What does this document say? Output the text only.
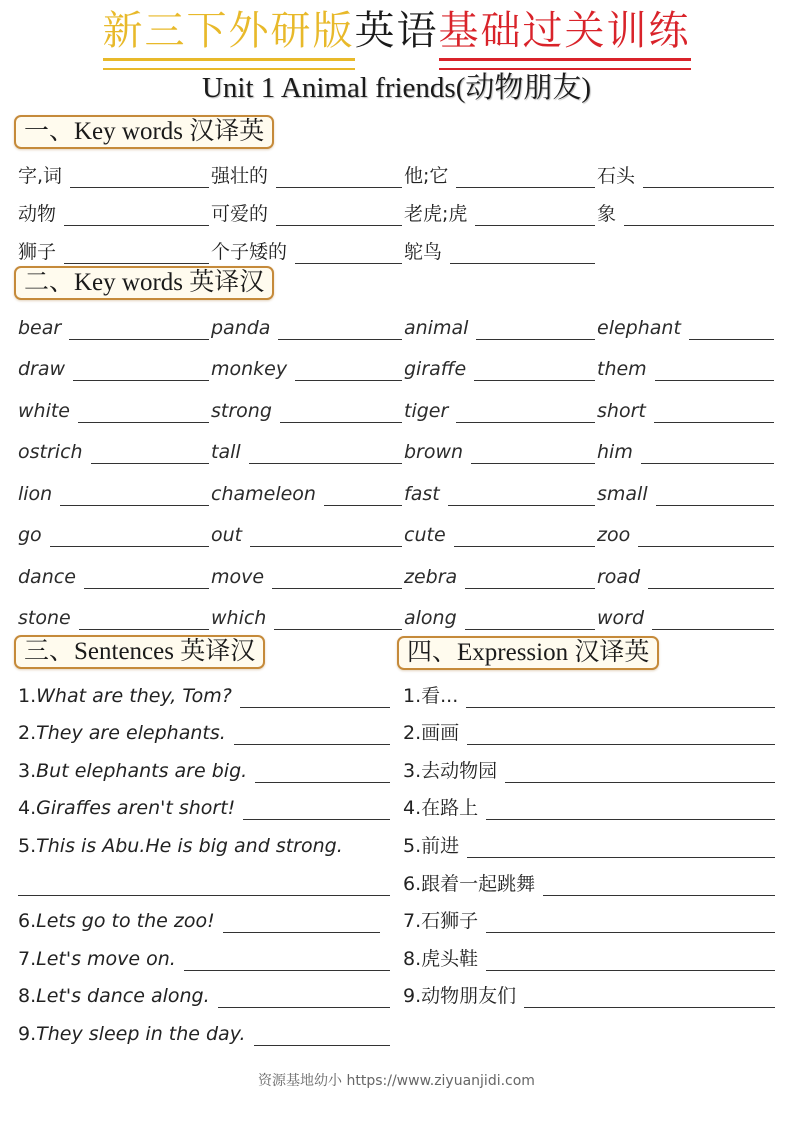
新三下外研版 英语 基础过关训练
Unit 1 Animal friends(动物朋友)
一、Key words 汉译英
字,词	强壮的	他;它	石头
动物	可爱的	老虎;虎	象
狮子	个子矮的	鸵鸟
二、Key words 英译汉
bear	panda	animal	elephant
draw	monkey	giraffe	them
white	strong	tiger	short
ostrich	tall	brown	him
lion	chameleon	fast	small
go	out	cute	zoo
dance	move	zebra	road
stone	which	along	word
三、Sentences 英译汉
1.What are they, Tom?
2.They are elephants.
3.But elephants are big.
4.Giraffes aren't short!
5.This is Abu.He is big and strong.
6.Lets go to the zoo!
7.Let's move on.
8.Let's dance along.
9.They sleep in the day.
四、Expression 汉译英
1.看...
2.画画
3.去动物园
4.在路上
5.前进
6.跟着一起跳舞
7.石狮子
8.虎头鞋
9.动物朋友们
资源基地幼小 https://www.ziyuanjidi.com
